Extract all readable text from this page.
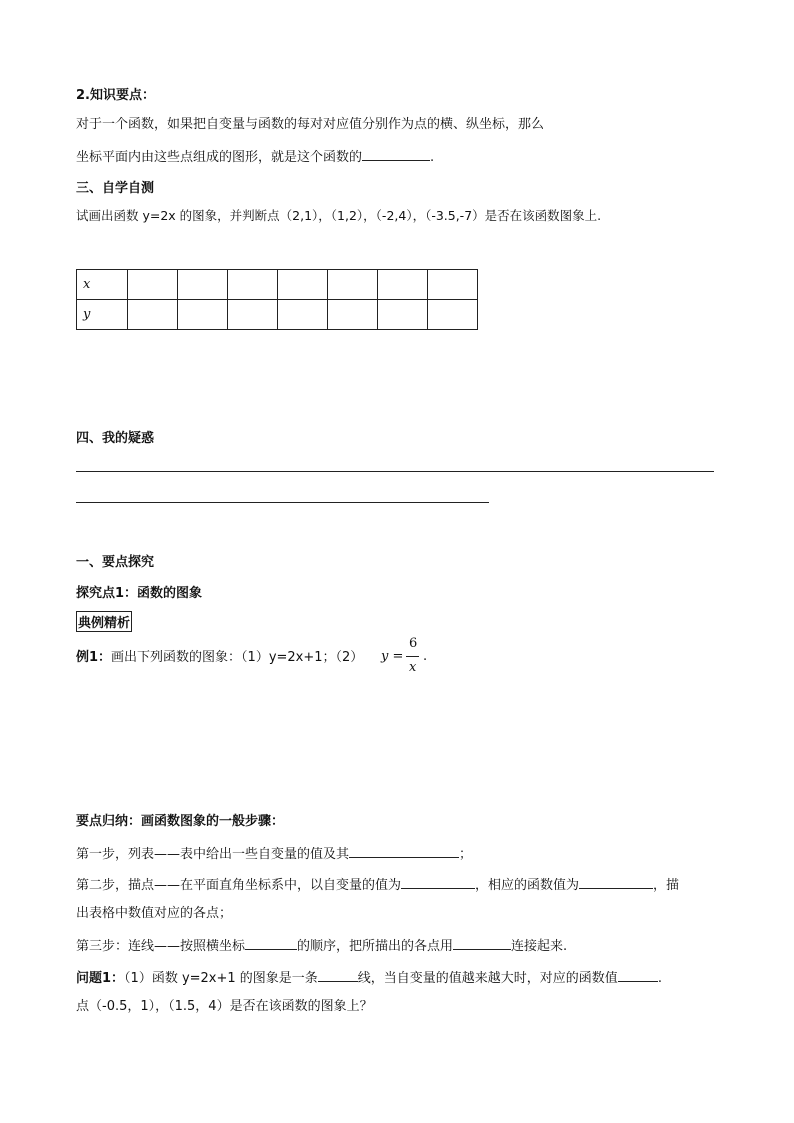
2.知识要点：
对于一个函数，如果把自变量与函数的每对对应值分别作为点的横、纵坐标，那么
坐标平面内由这些点组成的图形，就是这个函数的	.
三、自学自测
试画出函数 y=2x 的图象，并判断点（2,1），（1,2），（-2,4），（-3.5,-7）是否在该函数图象上.
x							
y							
四、我的疑惑
一、要点探究
探究点1：函数的图象
典例精析
例1：画出下列函数的图象：（1）y=2x+1；（2） y =
6
x
.
要点归纳：画函数图象的一般步骤：
第一步，列表——表中给出一些自变量的值及其	；
第二步，描点——在平面直角坐标系中，以自变量的值为	，相应的函数值为	，描
出表格中数值对应的各点；
第三步：连线——按照横坐标	的顺序，把所描出的各点用	连接起来.
问题1：（1）函数 y=2x+1 的图象是一条	线，当自变量的值越来越大时，对应的函数值	.
点（-0.5，1），（1.5，4）是否在该函数的图象上？
